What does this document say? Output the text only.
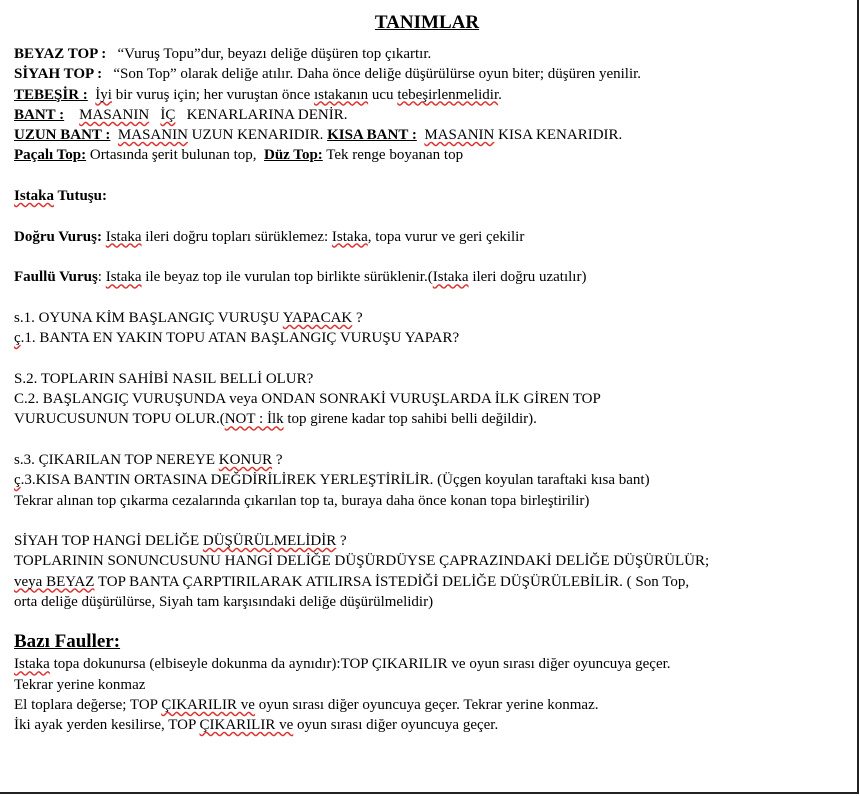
TANIMLAR
BEYAZ TOP :   “Vuruş Topu”dur, beyazı deliğe düşüren top çıkartır.
SİYAH TOP :   “Son Top” olarak deliğe atılır. Daha önce deliğe düşürülürse oyun biter; düşüren yenilir.
TEBEŞİR : İyi bir vuruş için; her vuruştan önce ıstakanın ucu tebeşirlenmelidir.
BANT : MASANIN İÇ KENARLARINA DENİR.
UZUN BANT : MASANIN UZUN KENARIDIR. KISA BANT : MASANIN KISA KENARIDIR.
Paçalı Top: Ortasında şerit bulunan top,  Düz Top: Tek renge boyanan top
Istaka Tutuşu:
Doğru Vuruş: Istaka ileri doğru topları sürüklemez: Istaka, topa vurur ve geri çekilir
Faullü Vuruş: Istaka ile beyaz top ile vurulan top birlikte sürüklenir.(Istaka ileri doğru uzatılır)
s.1. OYUNA KİM BAŞLANGIÇ VURUŞU YAPACAK ?
ç.1. BANTA EN YAKIN TOPU ATAN BAŞLANGIÇ VURUŞU YAPAR?
S.2. TOPLARIN SAHİBİ NASIL BELLİ OLUR?
C.2. BAŞLANGIÇ VURUŞUNDA veya ONDAN SONRAKİ VURUŞLARDA İLK GİREN TOP
VURUCUSUNUN TOPU OLUR.(NOT : İlk top girene kadar top sahibi belli değildir).
s.3. ÇIKARILAN TOP NEREYE KONUR ?
ç.3.KISA BANTIN ORTASINA DEĞDİRİLİREK YERLEŞTİRİLİR. (Üçgen koyulan taraftaki kısa bant)
Tekrar alınan top çıkarma cezalarında çıkarılan top ta, buraya daha önce konan topa birleştirilir)
SİYAH TOP HANGİ DELİĞE DÜŞÜRÜLMELİDİR ?
TOPLARININ SONUNCUSUNU HANGİ DELİĞE DÜŞÜRDÜYSE ÇAPRAZINDAKİ DELİĞE DÜŞÜRÜLÜR;
veya BEYAZ TOP BANTA ÇARPTIRILARAK ATILIRSA İSTEDİĞİ DELİĞE DÜŞÜRÜLEBİLİR. ( Son Top,
orta deliğe düşürülürse, Siyah tam karşısındaki deliğe düşürülmelidir)
Bazı Fauller:
Istaka topa dokunursa (elbiseyle dokunma da aynıdır):TOP ÇIKARILIR ve oyun sırası diğer oyuncuya geçer.
Tekrar yerine konmaz
El toplara değerse; TOP ÇIKARILIR ve oyun sırası diğer oyuncuya geçer. Tekrar yerine konmaz.
İki ayak yerden kesilirse, TOP ÇIKARILIR ve oyun sırası diğer oyuncuya geçer.
